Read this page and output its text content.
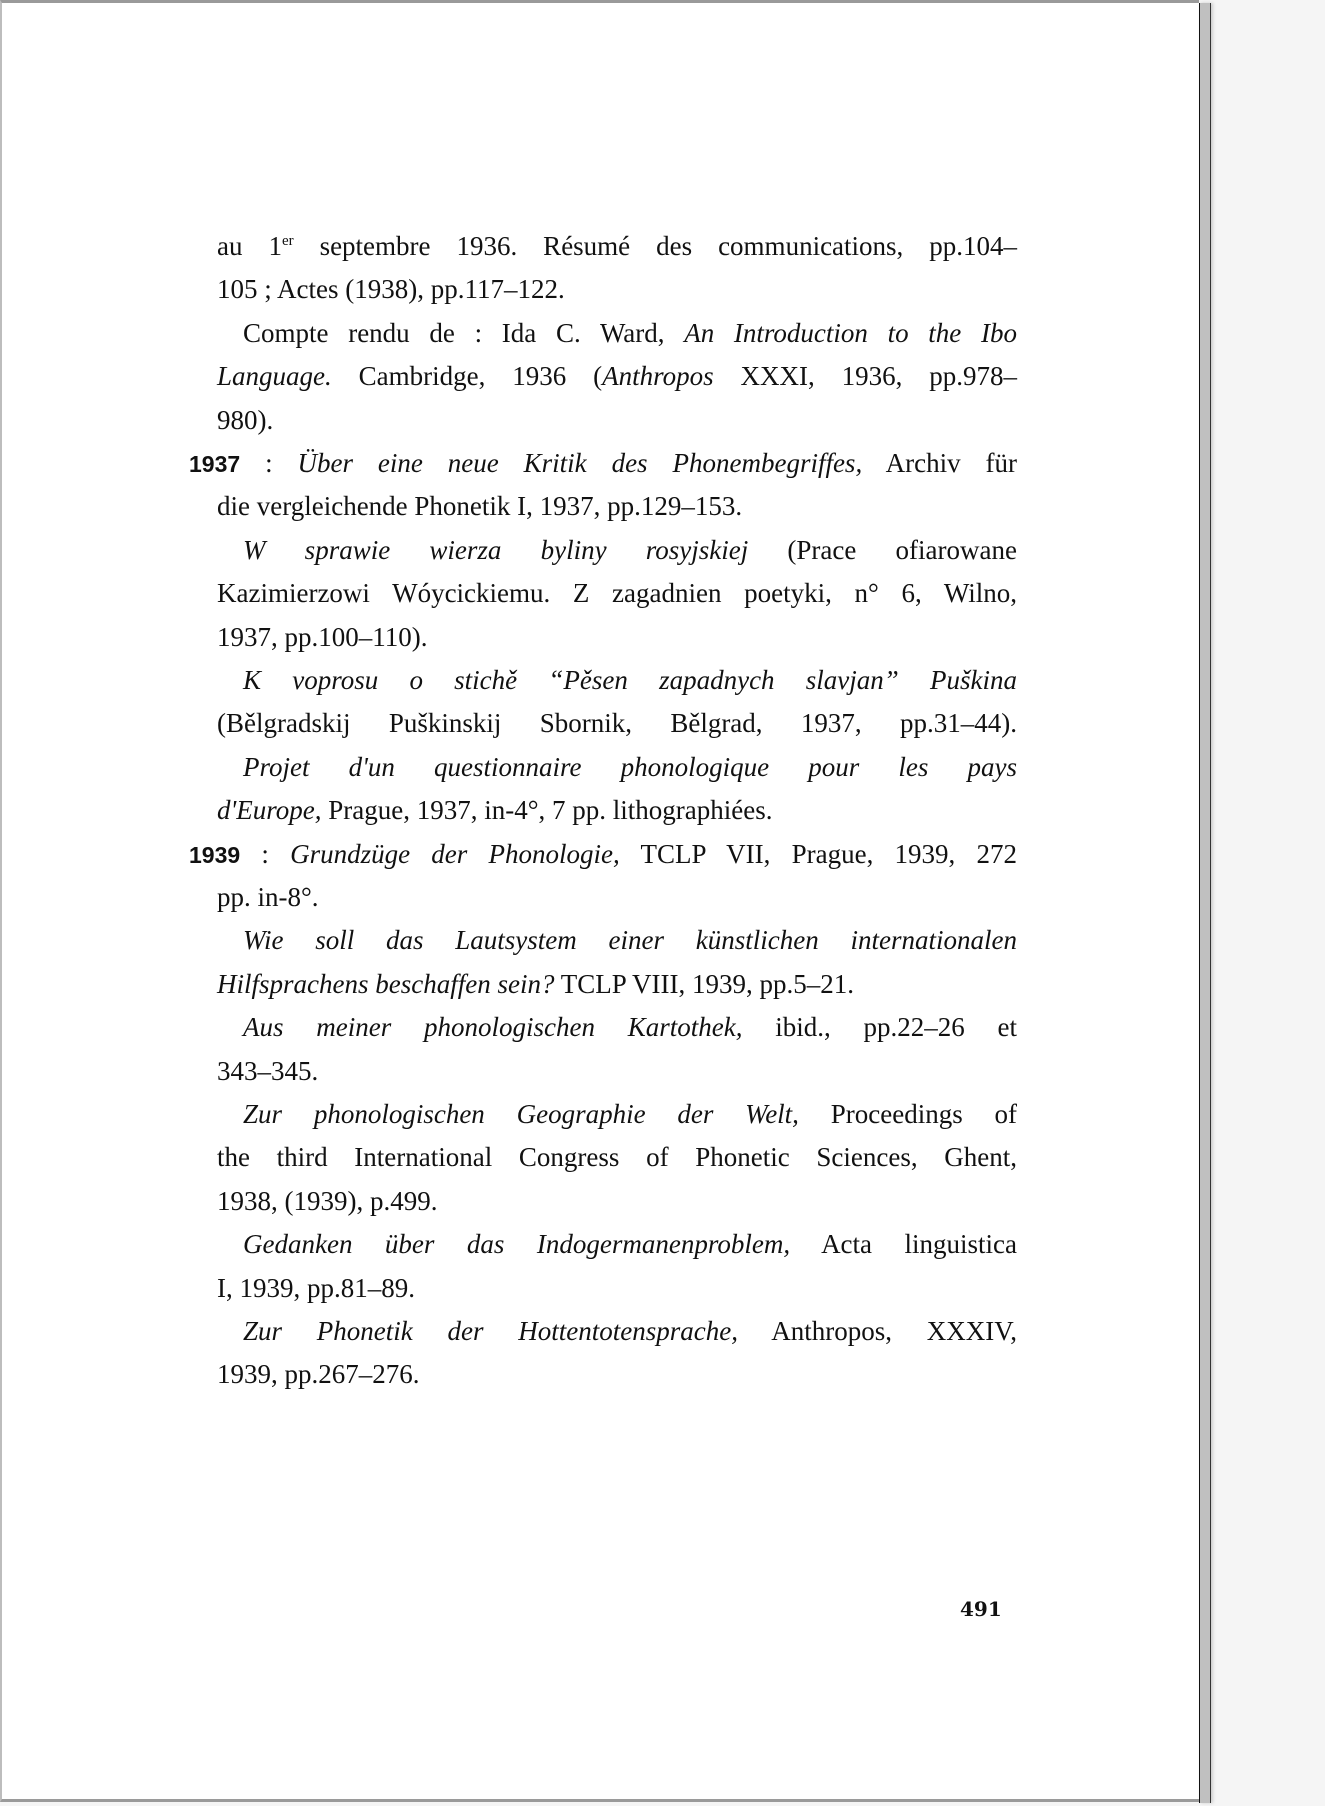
au 1er septembre 1936. Résumé des communications, pp.104–
105 ; Actes (1938), pp.117–122.
Compte rendu de : Ida C. Ward, An Introduction to the Ibo
Language. Cambridge, 1936 (Anthropos XXXI, 1936, pp.978–
980).
1937 : Über eine neue Kritik des Phonembegriffes, Archiv für
die vergleichende Phonetik I, 1937, pp.129–153.
W sprawie wierza byliny rosyjskiej (Prace ofiarowane
Kazimierzowi Wóycickiemu. Z zagadnien poetyki, n° 6, Wilno,
1937, pp.100–110).
K voprosu o stichě “Pěsen zapadnych slavjan” Puškina
(Bělgradskij Puškinskij Sbornik, Bělgrad, 1937, pp.31–44).
Projet d'un questionnaire phonologique pour les pays
d'Europe, Prague, 1937, in-4°, 7 pp. lithographiées.
1939 : Grundzüge der Phonologie, TCLP VII, Prague, 1939, 272
pp. in-8°.
Wie soll das Lautsystem einer künstlichen internationalen
Hilfsprachens beschaffen sein? TCLP VIII, 1939, pp.5–21.
Aus meiner phonologischen Kartothek, ibid., pp.22–26 et
343–345.
Zur phonologischen Geographie der Welt, Proceedings of
the third International Congress of Phonetic Sciences, Ghent,
1938, (1939), p.499.
Gedanken über das Indogermanenproblem, Acta linguistica
I, 1939, pp.81–89.
Zur Phonetik der Hottentotensprache, Anthropos, XXXIV,
1939, pp.267–276.
491
